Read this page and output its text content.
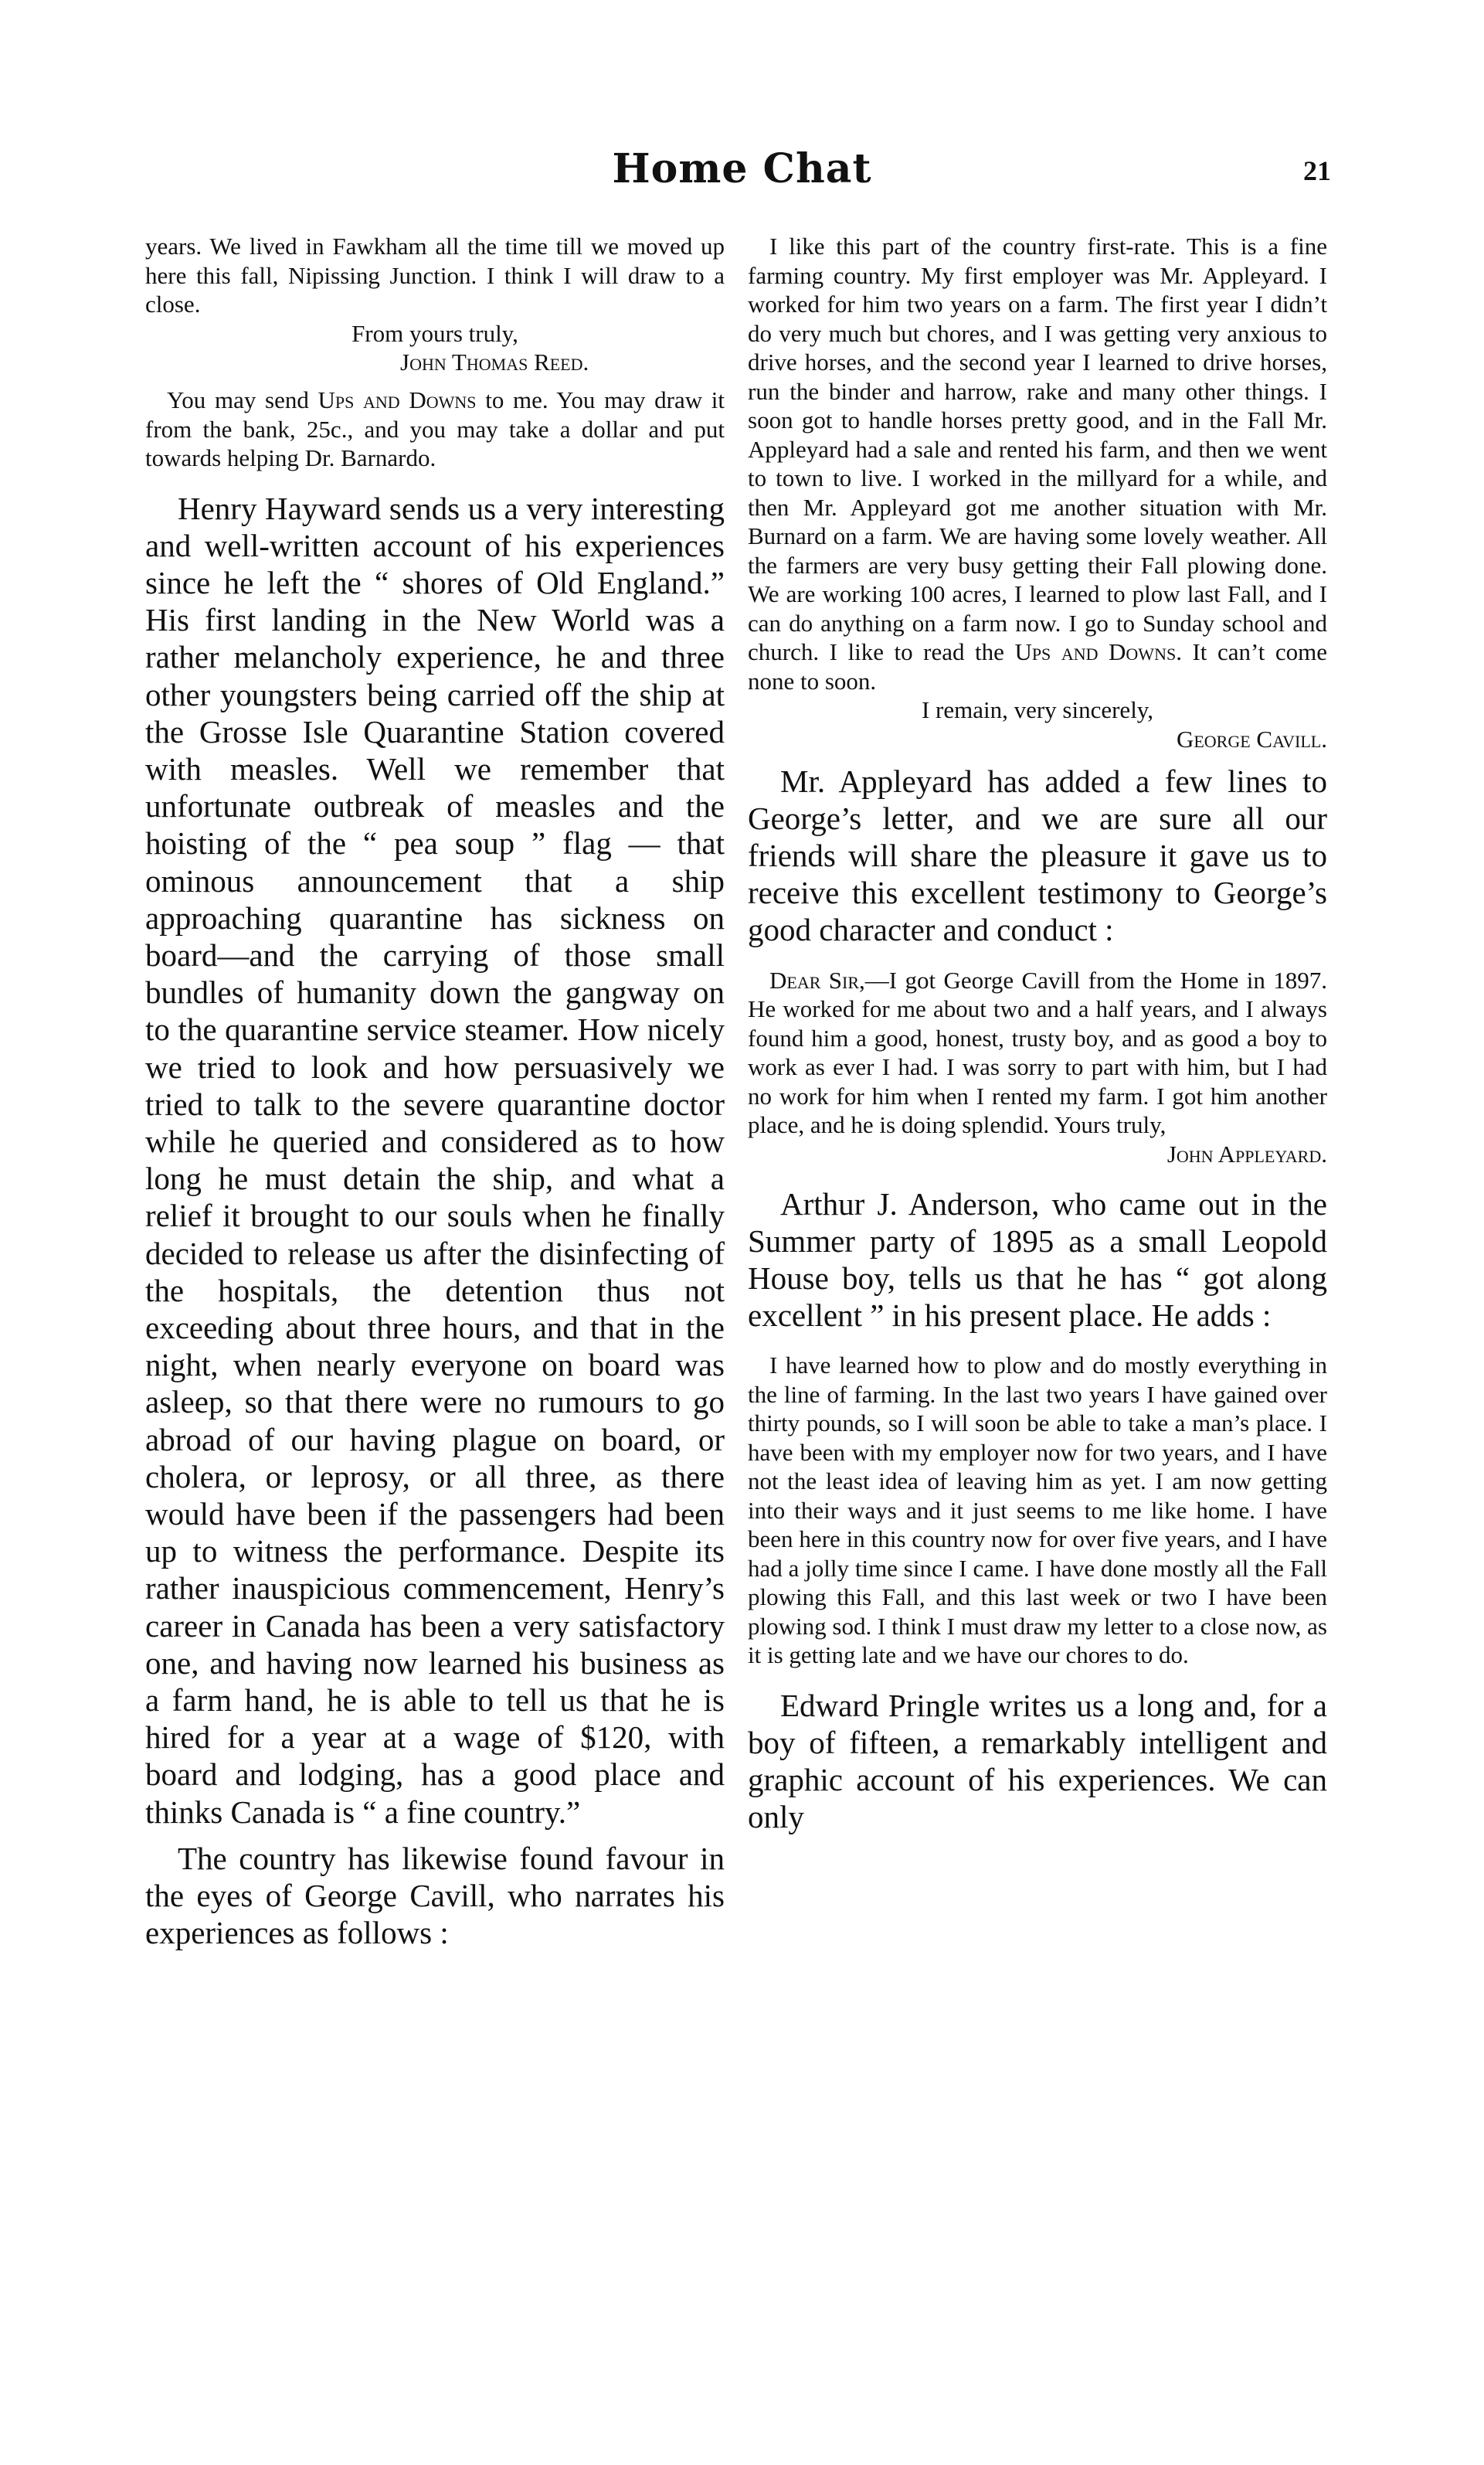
Home Chat	21

years. We lived in Fawkham all the time till we moved up here this fall, Nipissing Junction. I think I will draw to a close.

From yours truly,

John Thomas Reed.

You may send Ups and Downs to me. You may draw it from the bank, 25c., and you may take a dollar and put towards helping Dr. Barnardo.

Henry Hayward sends us a very interesting and well-written account of his experiences since he left the “ shores of Old England.” His first landing in the New World was a rather melancholy experience, he and three other youngsters being carried off the ship at the Grosse Isle Quarantine Station covered with measles. Well we remember that unfortunate outbreak of measles and the hoisting of the “ pea soup ” flag — that ominous announcement that a ship approaching quarantine has sickness on board—and the carrying of those small bundles of humanity down the gangway on to the quarantine service steamer. How nicely we tried to look and how persuasively we tried to talk to the severe quarantine doctor while he queried and considered as to how long he must detain the ship, and what a relief it brought to our souls when he finally decided to release us after the disinfecting of the hospitals, the detention thus not exceeding about three hours, and that in the night, when nearly everyone on board was asleep, so that there were no rumours to go abroad of our having plague on board, or cholera, or leprosy, or all three, as there would have been if the passengers had been up to witness the performance. Despite its rather inauspicious commencement, Henry’s career in Canada has been a very satisfactory one, and having now learned his business as a farm hand, he is able to tell us that he is hired for a year at a wage of $120, with board and lodging, has a good place and thinks Canada is “ a fine country.”

The country has likewise found favour in the eyes of George Cavill, who narrates his experiences as follows :

I like this part of the country first-rate. This is a fine farming country. My first employer was Mr. Appleyard. I worked for him two years on a farm. The first year I didn’t do very much but chores, and I was getting very anxious to drive horses, and the second year I learned to drive horses, run the binder and harrow, rake and many other things. I soon got to handle horses pretty good, and in the Fall Mr. Appleyard had a sale and rented his farm, and then we went to town to live. I worked in the millyard for a while, and then Mr. Appleyard got me another situation with Mr. Burnard on a farm. We are having some lovely weather. All the farmers are very busy getting their Fall plowing done. We are working 100 acres, I learned to plow last Fall, and I can do anything on a farm now. I go to Sunday school and church. I like to read the Ups and Downs. It can’t come none to soon.

I remain, very sincerely,

George Cavill.

Mr. Appleyard has added a few lines to George’s letter, and we are sure all our friends will share the pleasure it gave us to receive this excellent testimony to George’s good character and conduct :

Dear Sir,—I got George Cavill from the Home in 1897. He worked for me about two and a half years, and I always found him a good, honest, trusty boy, and as good a boy to work as ever I had. I was sorry to part with him, but I had no work for him when I rented my farm. I got him another place, and he is doing splendid. Yours truly,

John Appleyard.

Arthur J. Anderson, who came out in the Summer party of 1895 as a small Leopold House boy, tells us that he has “ got along excellent ” in his present place. He adds :

I have learned how to plow and do mostly everything in the line of farming. In the last two years I have gained over thirty pounds, so I will soon be able to take a man’s place. I have been with my employer now for two years, and I have not the least idea of leaving him as yet. I am now getting into their ways and it just seems to me like home. I have been here in this country now for over five years, and I have had a jolly time since I came. I have done mostly all the Fall plowing this Fall, and this last week or two I have been plowing sod. I think I must draw my letter to a close now, as it is getting late and we have our chores to do.

Edward Pringle writes us a long and, for a boy of fifteen, a remarkably intelligent and graphic account of his experiences. We can only
